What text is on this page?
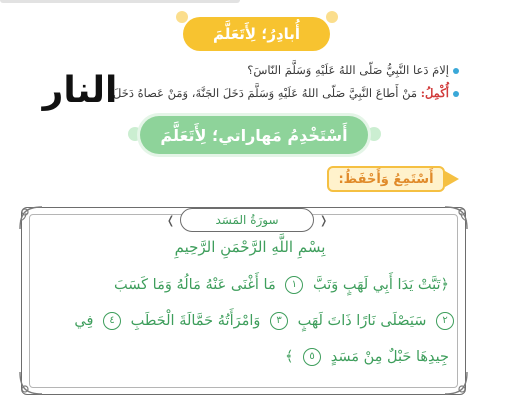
أُبادِرُ؛ لِأَتَعَلَّمَ
إلامَ دَعا النَّبِيُّ صَلّى اللهُ عَلَيْهِ وَسَلَّمَ النّاسَ؟
أُكْمِلُ: مَنْ أَطاعَ النَّبِيَّ صَلّى اللهُ عَلَيْهِ وَسَلَّمَ دَخَلَ الجَنَّةَ، وَمَنْ عَصاهُ دَخَلَ
النار
أَسْتَخْدِمُ مَهاراتي؛ لِأَتَعَلَّمَ
أَسْتَمِعُ وَأَحْفَظُ:
❬	❭
سورَةُ المَسَد
بِسْمِ اللَّهِ الرَّحْمَنِ الرَّحِيمِ
﴿تَبَّتْ يَدَا أَبِي لَهَبٍ وَتَبَّ ١ مَا أَغْنَى عَنْهُ مَالُهُ وَمَا كَسَبَ
٢ سَيَصْلَى نَارًا ذَاتَ لَهَبٍ ٣ وَامْرَأَتُهُ حَمَّالَةَ الْحَطَبِ ٤ فِي
جِيدِهَا حَبْلٌ مِنْ مَسَدٍ ٥ ﴾
